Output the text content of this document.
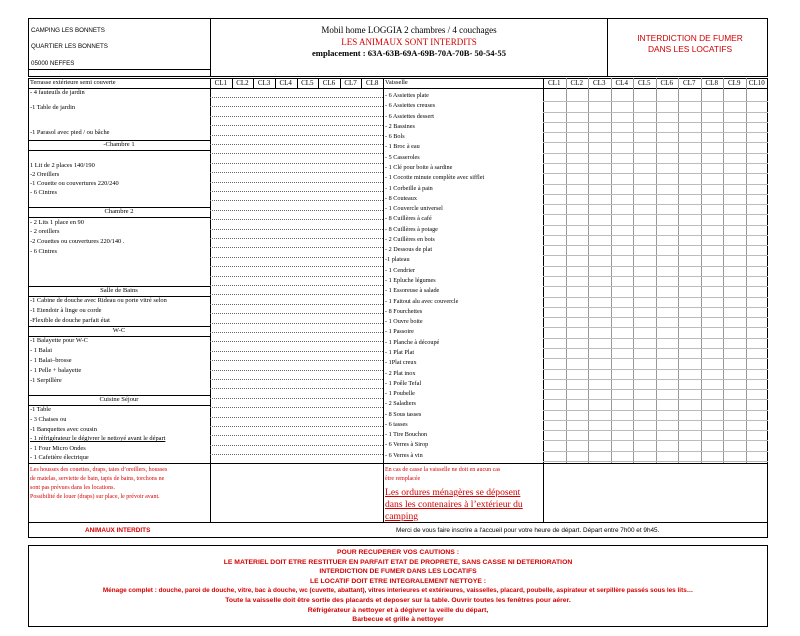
CAMPING LES BONNETS
QUARTIER LES BONNETS
05000 NEFFES
Mobil home LOGGIA 2 chambres / 4 couchages
LES ANIMAUX SONT INTERDITS
emplacement : 63A-63B-69A-69B-70A-70B- 50-54-55
INTERDICTION DE FUMER DANS LES LOCATIFS
Terrasse extérieure semi couverte	Vaisselle
CL1	CL2	CL3	CL4	CL5	CL6	CL7	CL8	CL1	CL2	CL3	CL4	CL5	CL6	CL7	CL8	CL9	CL10
- 4 fauteuils de jardin
-1 Table de jardin
-1 Parasol avec pied / ou bâche
-Chambre 1
1 Lit de 2 places 140/190
-2 Oreillers
-1 Couette ou couvertures 220/240
- 6 Cintres
Chambre 2
- 2 Lits 1 place en 90
- 2 oreillers
-2 Couettes ou couvertures 220/140 .
- 6 Cintres
Salle de Bains
-1 Cabine de douche avec Rideau ou porte vitré selon
-1 Etendoir à linge ou corde
-Flexible de douche parfait état
W-C
-1 Balayette pour W-C
- 1 Balai
- 1 Balai–brosse
- 1 Pelle + balayette
-1 Serpillère
Cuisine Séjour
-1 Table
- 3 Chaises ou
-1 Banquettes avec cousin
- 1 réfrigérateur le dégivrer le nettoyé avant le départ
- 1 Four Micro Ondes
- 1 Cafetière électrique
Les housses des couettes, draps, taies d’oreillers, housses
de matelas, serviette de bain, tapis de bains, torchons ne
sont pas prévues dans les locations.
Possibilité de louer (draps) sur place, le prévoir avant.
ANIMAUX INTERDITS
- 6 Assiettes plate
- 6 Assiettes creuses
- 6 Assiettes dessert
- 2 Bassines
- 6 Bols
- 1 Broc à eau
- 5 Casseroles
- 1 Clé pour boite à sardine
- 1 Cocotte minute complète avec sifflet
- 1 Corbeille à pain
- 8 Couteaux
- 1 Couvercle universel
- 8 Cuillères à café
- 8 Cuillères à potage
- 2 Cuillères en bois
- 2 Dessous de plat
-1 plateau
- 1 Cendrier
- 1 Epluche légumes
- 1 Essoreuse à salade
- 1 Faitout alu avec couvercle
- 8 Fourchettes
- 1 Ouvre boite
- 1 Passoire
- 1 Planche à découpé
- 1 Plat Plat
- 1Plat creux
- 2 Plat inox
- 1 Poêle Tefal
- 1 Poubelle
- 2 Saladiers
- 8 Sous tasses
- 6 tasses
- 1 Tire Bouchon
- 6 Verres à Sirop
- 6 Verres à vin
En cas de casse la vaisselle ne doit en aucun cas
être remplacée
Les ordures ménagères se déposent
dans les contenaires à l’extérieur du
camping
Merci de vous faire inscrire a l'accueil pour votre heure de départ. Départ entre 7h00 et 9h45.
POUR RECUPERER VOS CAUTIONS :
LE MATERIEL DOIT ETRE RESTITUER EN PARFAIT ETAT DE PROPRETE, SANS CASSE NI DETERIORATION
INTERDICTION DE FUMER DANS LES LOCATIFS
LE LOCATIF DOIT ETRE INTEGRALEMENT NETTOYE :
Ménage complet : douche, paroi de douche, vitre, bac à douche, wc (cuvette, abattant), vitres interieures et extérieures, vaisselles, placard, poubelle, aspirateur et serpillère passés sous les lits…
Toute la vaisselle doit être sortie des placards et deposer sur la table. Ouvrir toutes les fenêtres pour aérer.
Réfrigérateur à nettoyer et à dégivrer la veille du départ,
Barbecue et grille à nettoyer
